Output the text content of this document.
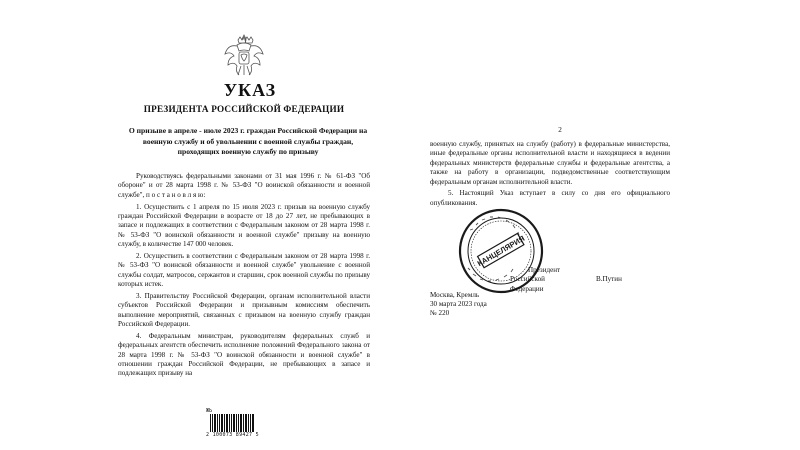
УКАЗ
ПРЕЗИДЕНТА РОССИЙСКОЙ ФЕДЕРАЦИИ
О призыве в апреле - июле 2023 г. граждан Российской Федерации на военную службу и об увольнении с военной службы граждан, проходящих военную службу по призыву

Руководствуясь федеральными законами от 31 мая 1996 г. № 61-ФЗ "Об обороне" и от 28 марта 1998 г. № 53-ФЗ "О воинской обязанности и военной службе", п о с т а н о в л я ю:

1. Осуществить с 1 апреля по 15 июля 2023 г. призыв на военную службу граждан Российской Федерации в возрасте от 18 до 27 лет, не пребывающих в запасе и подлежащих в соответствии с Федеральным законом от 28 марта 1998 г. № 53-ФЗ "О воинской обязанности и военной службе" призыву на военную службу, в количестве 147 000 человек.

2. Осуществить в соответствии с Федеральным законом от 28 марта 1998 г. № 53-ФЗ "О воинской обязанности и военной службе" увольнение с военной службы солдат, матросов, сержантов и старшин, срок военной службы по призыву которых истек.

3. Правительству Российской Федерации, органам исполнительной власти субъектов Российской Федерации и призывным комиссиям обеспечить выполнение мероприятий, связанных с призывом на военную службу граждан Российской Федерации.

4. Федеральным министрам, руководителям федеральных служб и федеральных агентств обеспечить исполнение положений Федерального закона от 28 марта 1998 г. № 53-ФЗ "О воинской обязанности и военной службе" в отношении граждан Российской Федерации, не пребывающих в запасе и подлежащих призыву на

ЖЬ
2 100073 89427 5
2

военную службу, принятых на службу (работу) в федеральные министерства, иные федеральные органы исполнительной власти и находящиеся в ведении федеральных министерств федеральные службы и федеральные агентства, а также на работу в организации, подведомственные соответствующим федеральным органам исполнительной власти.

5. Настоящий Указ вступает в силу со дня его официального опубликования.

КАНЦЕЛЯРИЯ
Президент
Российской Федерации
В.Путин
Москва, Кремль
30 марта 2023 года
№ 220
